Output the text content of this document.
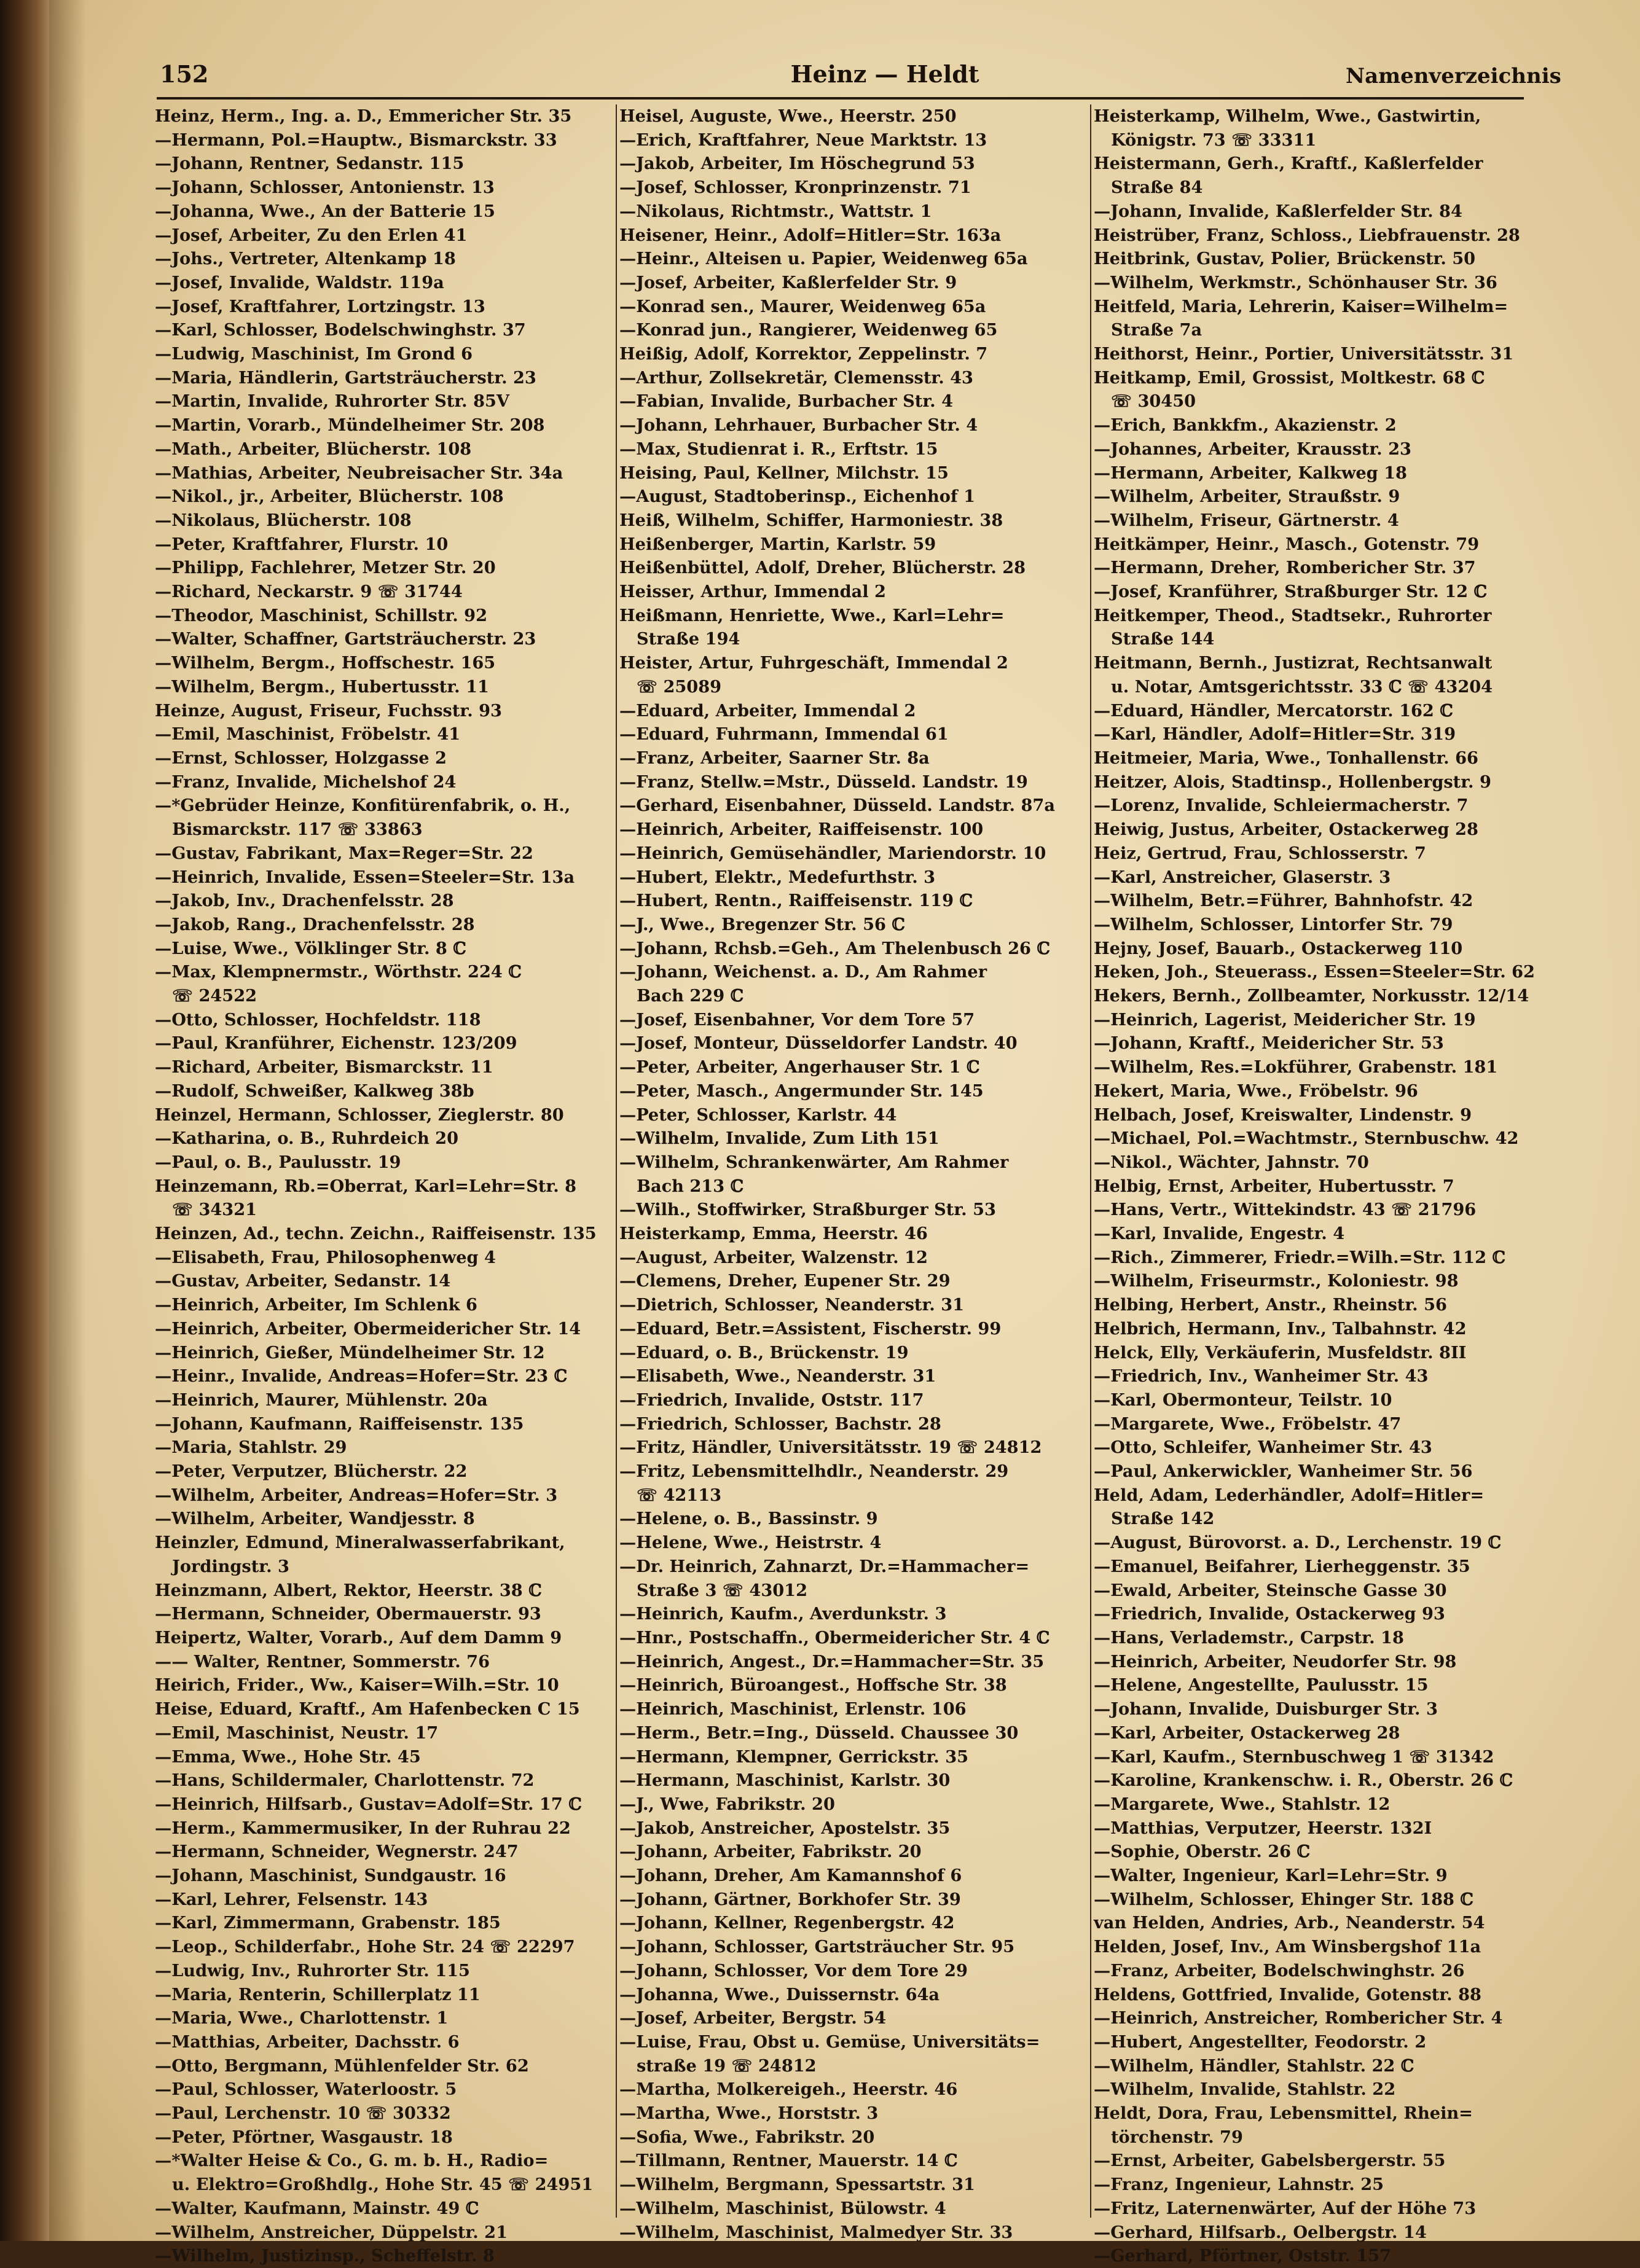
152	Heinz — Heldt	Namenverzeichnis
Heinz, Herm., Ing. a. D., Emmericher Str. 35
—Hermann, Pol.=Hauptw., Bismarckstr. 33
—Johann, Rentner, Sedanstr. 115
—Johann, Schlosser, Antonienstr. 13
—Johanna, Wwe., An der Batterie 15
—Josef, Arbeiter, Zu den Erlen 41
—Johs., Vertreter, Altenkamp 18
—Josef, Invalide, Waldstr. 119a
—Josef, Kraftfahrer, Lortzingstr. 13
—Karl, Schlosser, Bodelschwinghstr. 37
—Ludwig, Maschinist, Im Grond 6
—Maria, Händlerin, Gartsträucherstr. 23
—Martin, Invalide, Ruhrorter Str. 85V
—Martin, Vorarb., Mündelheimer Str. 208
—Math., Arbeiter, Blücherstr. 108
—Mathias, Arbeiter, Neubreisacher Str. 34a
—Nikol., jr., Arbeiter, Blücherstr. 108
—Nikolaus, Blücherstr. 108
—Peter, Kraftfahrer, Flurstr. 10
—Philipp, Fachlehrer, Metzer Str. 20
—Richard, Neckarstr. 9 ☏ 31744
—Theodor, Maschinist, Schillstr. 92
—Walter, Schaffner, Gartsträucherstr. 23
—Wilhelm, Bergm., Hoffschestr. 165
—Wilhelm, Bergm., Hubertusstr. 11
Heinze, August, Friseur, Fuchsstr. 93
—Emil, Maschinist, Fröbelstr. 41
—Ernst, Schlosser, Holzgasse 2
—Franz, Invalide, Michelshof 24
—*Gebrüder Heinze, Konfitürenfabrik, o. H.,
Bismarckstr. 117 ☏ 33863
—Gustav, Fabrikant, Max=Reger=Str. 22
—Heinrich, Invalide, Essen=Steeler=Str. 13a
—Jakob, Inv., Drachenfelsstr. 28
—Jakob, Rang., Drachenfelsstr. 28
—Luise, Wwe., Völklinger Str. 8 ℂ
—Max, Klempnermstr., Wörthstr. 224 ℂ
☏ 24522
—Otto, Schlosser, Hochfeldstr. 118
—Paul, Kranführer, Eichenstr. 123/209
—Richard, Arbeiter, Bismarckstr. 11
—Rudolf, Schweißer, Kalkweg 38b
Heinzel, Hermann, Schlosser, Zieglerstr. 80
—Katharina, o. B., Ruhrdeich 20
—Paul, o. B., Paulusstr. 19
Heinzemann, Rb.=Oberrat, Karl=Lehr=Str. 8
☏ 34321
Heinzen, Ad., techn. Zeichn., Raiffeisenstr. 135
—Elisabeth, Frau, Philosophenweg 4
—Gustav, Arbeiter, Sedanstr. 14
—Heinrich, Arbeiter, Im Schlenk 6
—Heinrich, Arbeiter, Obermeidericher Str. 14
—Heinrich, Gießer, Mündelheimer Str. 12
—Heinr., Invalide, Andreas=Hofer=Str. 23 ℂ
—Heinrich, Maurer, Mühlenstr. 20a
—Johann, Kaufmann, Raiffeisenstr. 135
—Maria, Stahlstr. 29
—Peter, Verputzer, Blücherstr. 22
—Wilhelm, Arbeiter, Andreas=Hofer=Str. 3
—Wilhelm, Arbeiter, Wandjesstr. 8
Heinzler, Edmund, Mineralwasserfabrikant,
Jordingstr. 3
Heinzmann, Albert, Rektor, Heerstr. 38 ℂ
—Hermann, Schneider, Obermauerstr. 93
Heipertz, Walter, Vorarb., Auf dem Damm 9
—— Walter, Rentner, Sommerstr. 76
Heirich, Frider., Ww., Kaiser=Wilh.=Str. 10
Heise, Eduard, Kraftf., Am Hafenbecken C 15
—Emil, Maschinist, Neustr. 17
—Emma, Wwe., Hohe Str. 45
—Hans, Schildermaler, Charlottenstr. 72
—Heinrich, Hilfsarb., Gustav=Adolf=Str. 17 ℂ
—Herm., Kammermusiker, In der Ruhrau 22
—Hermann, Schneider, Wegnerstr. 247
—Johann, Maschinist, Sundgaustr. 16
—Karl, Lehrer, Felsenstr. 143
—Karl, Zimmermann, Grabenstr. 185
—Leop., Schilderfabr., Hohe Str. 24 ☏ 22297
—Ludwig, Inv., Ruhrorter Str. 115
—Maria, Renterin, Schillerplatz 11
—Maria, Wwe., Charlottenstr. 1
—Matthias, Arbeiter, Dachsstr. 6
—Otto, Bergmann, Mühlenfelder Str. 62
—Paul, Schlosser, Waterloostr. 5
—Paul, Lerchenstr. 10 ☏ 30332
—Peter, Pförtner, Wasgaustr. 18
—*Walter Heise & Co., G. m. b. H., Radio=
u. Elektro=Großhdlg., Hohe Str. 45 ☏ 24951
—Walter, Kaufmann, Mainstr. 49 ℂ
—Wilhelm, Anstreicher, Düppelstr. 21
—Wilhelm, Justizinsp., Scheffelstr. 8
Heisel, Auguste, Wwe., Heerstr. 250
—Erich, Kraftfahrer, Neue Marktstr. 13
—Jakob, Arbeiter, Im Höschegrund 53
—Josef, Schlosser, Kronprinzenstr. 71
—Nikolaus, Richtmstr., Wattstr. 1
Heisener, Heinr., Adolf=Hitler=Str. 163a
—Heinr., Alteisen u. Papier, Weidenweg 65a
—Josef, Arbeiter, Kaßlerfelder Str. 9
—Konrad sen., Maurer, Weidenweg 65a
—Konrad jun., Rangierer, Weidenweg 65
Heißig, Adolf, Korrektor, Zeppelinstr. 7
—Arthur, Zollsekretär, Clemensstr. 43
—Fabian, Invalide, Burbacher Str. 4
—Johann, Lehrhauer, Burbacher Str. 4
—Max, Studienrat i. R., Erftstr. 15
Heising, Paul, Kellner, Milchstr. 15
—August, Stadtoberinsp., Eichenhof 1
Heiß, Wilhelm, Schiffer, Harmoniestr. 38
Heißenberger, Martin, Karlstr. 59
Heißenbüttel, Adolf, Dreher, Blücherstr. 28
Heisser, Arthur, Immendal 2
Heißmann, Henriette, Wwe., Karl=Lehr=
Straße 194
Heister, Artur, Fuhrgeschäft, Immendal 2
☏ 25089
—Eduard, Arbeiter, Immendal 2
—Eduard, Fuhrmann, Immendal 61
—Franz, Arbeiter, Saarner Str. 8a
—Franz, Stellw.=Mstr., Düsseld. Landstr. 19
—Gerhard, Eisenbahner, Düsseld. Landstr. 87a
—Heinrich, Arbeiter, Raiffeisenstr. 100
—Heinrich, Gemüsehändler, Mariendorstr. 10
—Hubert, Elektr., Medefurthstr. 3
—Hubert, Rentn., Raiffeisenstr. 119 ℂ
—J., Wwe., Bregenzer Str. 56 ℂ
—Johann, Rchsb.=Geh., Am Thelenbusch 26 ℂ
—Johann, Weichenst. a. D., Am Rahmer
Bach 229 ℂ
—Josef, Eisenbahner, Vor dem Tore 57
—Josef, Monteur, Düsseldorfer Landstr. 40
—Peter, Arbeiter, Angerhauser Str. 1 ℂ
—Peter, Masch., Angermunder Str. 145
—Peter, Schlosser, Karlstr. 44
—Wilhelm, Invalide, Zum Lith 151
—Wilhelm, Schrankenwärter, Am Rahmer
Bach 213 ℂ
—Wilh., Stoffwirker, Straßburger Str. 53
Heisterkamp, Emma, Heerstr. 46
—August, Arbeiter, Walzenstr. 12
—Clemens, Dreher, Eupener Str. 29
—Dietrich, Schlosser, Neanderstr. 31
—Eduard, Betr.=Assistent, Fischerstr. 99
—Eduard, o. B., Brückenstr. 19
—Elisabeth, Wwe., Neanderstr. 31
—Friedrich, Invalide, Oststr. 117
—Friedrich, Schlosser, Bachstr. 28
—Fritz, Händler, Universitätsstr. 19 ☏ 24812
—Fritz, Lebensmittelhdlr., Neanderstr. 29
☏ 42113
—Helene, o. B., Bassinstr. 9
—Helene, Wwe., Heistrstr. 4
—Dr. Heinrich, Zahnarzt, Dr.=Hammacher=
Straße 3 ☏ 43012
—Heinrich, Kaufm., Averdunkstr. 3
—Hnr., Postschaffn., Obermeidericher Str. 4 ℂ
—Heinrich, Angest., Dr.=Hammacher=Str. 35
—Heinrich, Büroangest., Hoffsche Str. 38
—Heinrich, Maschinist, Erlenstr. 106
—Herm., Betr.=Ing., Düsseld. Chaussee 30
—Hermann, Klempner, Gerrickstr. 35
—Hermann, Maschinist, Karlstr. 30
—J., Wwe, Fabrikstr. 20
—Jakob, Anstreicher, Apostelstr. 35
—Johann, Arbeiter, Fabrikstr. 20
—Johann, Dreher, Am Kamannshof 6
—Johann, Gärtner, Borkhofer Str. 39
—Johann, Kellner, Regenbergstr. 42
—Johann, Schlosser, Gartsträucher Str. 95
—Johann, Schlosser, Vor dem Tore 29
—Johanna, Wwe., Duissernstr. 64a
—Josef, Arbeiter, Bergstr. 54
—Luise, Frau, Obst u. Gemüse, Universitäts=
straße 19 ☏ 24812
—Martha, Molkereigeh., Heerstr. 46
—Martha, Wwe., Horststr. 3
—Sofia, Wwe., Fabrikstr. 20
—Tillmann, Rentner, Mauerstr. 14 ℂ
—Wilhelm, Bergmann, Spessartstr. 31
—Wilhelm, Maschinist, Bülowstr. 4
—Wilhelm, Maschinist, Malmedyer Str. 33
Heisterkamp, Wilhelm, Wwe., Gastwirtin,
Königstr. 73 ☏ 33311
Heistermann, Gerh., Kraftf., Kaßlerfelder
Straße 84
—Johann, Invalide, Kaßlerfelder Str. 84
Heistrüber, Franz, Schloss., Liebfrauenstr. 28
Heitbrink, Gustav, Polier, Brückenstr. 50
—Wilhelm, Werkmstr., Schönhauser Str. 36
Heitfeld, Maria, Lehrerin, Kaiser=Wilhelm=
Straße 7a
Heithorst, Heinr., Portier, Universitätsstr. 31
Heitkamp, Emil, Grossist, Moltkestr. 68 ℂ
☏ 30450
—Erich, Bankkfm., Akazienstr. 2
—Johannes, Arbeiter, Krausstr. 23
—Hermann, Arbeiter, Kalkweg 18
—Wilhelm, Arbeiter, Straußstr. 9
—Wilhelm, Friseur, Gärtnerstr. 4
Heitkämper, Heinr., Masch., Gotenstr. 79
—Hermann, Dreher, Rombericher Str. 37
—Josef, Kranführer, Straßburger Str. 12 ℂ
Heitkemper, Theod., Stadtsekr., Ruhrorter
Straße 144
Heitmann, Bernh., Justizrat, Rechtsanwalt
u. Notar, Amtsgerichtsstr. 33 ℂ ☏ 43204
—Eduard, Händler, Mercatorstr. 162 ℂ
—Karl, Händler, Adolf=Hitler=Str. 319
Heitmeier, Maria, Wwe., Tonhallenstr. 66
Heitzer, Alois, Stadtinsp., Hollenbergstr. 9
—Lorenz, Invalide, Schleiermacherstr. 7
Heiwig, Justus, Arbeiter, Ostackerweg 28
Heiz, Gertrud, Frau, Schlosserstr. 7
—Karl, Anstreicher, Glaserstr. 3
—Wilhelm, Betr.=Führer, Bahnhofstr. 42
—Wilhelm, Schlosser, Lintorfer Str. 79
Hejny, Josef, Bauarb., Ostackerweg 110
Heken, Joh., Steuerass., Essen=Steeler=Str. 62
Hekers, Bernh., Zollbeamter, Norkusstr. 12/14
—Heinrich, Lagerist, Meidericher Str. 19
—Johann, Kraftf., Meidericher Str. 53
—Wilhelm, Res.=Lokführer, Grabenstr. 181
Hekert, Maria, Wwe., Fröbelstr. 96
Helbach, Josef, Kreiswalter, Lindenstr. 9
—Michael, Pol.=Wachtmstr., Sternbuschw. 42
—Nikol., Wächter, Jahnstr. 70
Helbig, Ernst, Arbeiter, Hubertusstr. 7
—Hans, Vertr., Wittekindstr. 43 ☏ 21796
—Karl, Invalide, Engestr. 4
—Rich., Zimmerer, Friedr.=Wilh.=Str. 112 ℂ
—Wilhelm, Friseurmstr., Koloniestr. 98
Helbing, Herbert, Anstr., Rheinstr. 56
Helbrich, Hermann, Inv., Talbahnstr. 42
Helck, Elly, Verkäuferin, Musfeldstr. 8II
—Friedrich, Inv., Wanheimer Str. 43
—Karl, Obermonteur, Teilstr. 10
—Margarete, Wwe., Fröbelstr. 47
—Otto, Schleifer, Wanheimer Str. 43
—Paul, Ankerwickler, Wanheimer Str. 56
Held, Adam, Lederhändler, Adolf=Hitler=
Straße 142
—August, Bürovorst. a. D., Lerchenstr. 19 ℂ
—Emanuel, Beifahrer, Lierheggenstr. 35
—Ewald, Arbeiter, Steinsche Gasse 30
—Friedrich, Invalide, Ostackerweg 93
—Hans, Verlademstr., Carpstr. 18
—Heinrich, Arbeiter, Neudorfer Str. 98
—Helene, Angestellte, Paulusstr. 15
—Johann, Invalide, Duisburger Str. 3
—Karl, Arbeiter, Ostackerweg 28
—Karl, Kaufm., Sternbuschweg 1 ☏ 31342
—Karoline, Krankenschw. i. R., Oberstr. 26 ℂ
—Margarete, Wwe., Stahlstr. 12
—Matthias, Verputzer, Heerstr. 132I
—Sophie, Oberstr. 26 ℂ
—Walter, Ingenieur, Karl=Lehr=Str. 9
—Wilhelm, Schlosser, Ehinger Str. 188 ℂ
van Helden, Andries, Arb., Neanderstr. 54
Helden, Josef, Inv., Am Winsbergshof 11a
—Franz, Arbeiter, Bodelschwinghstr. 26
Heldens, Gottfried, Invalide, Gotenstr. 88
—Heinrich, Anstreicher, Rombericher Str. 4
—Hubert, Angestellter, Feodorstr. 2
—Wilhelm, Händler, Stahlstr. 22 ℂ
—Wilhelm, Invalide, Stahlstr. 22
Heldt, Dora, Frau, Lebensmittel, Rhein=
törchenstr. 79
—Ernst, Arbeiter, Gabelsbergerstr. 55
—Franz, Ingenieur, Lahnstr. 25
—Fritz, Laternenwärter, Auf der Höhe 73
—Gerhard, Hilfsarb., Oelbergstr. 14
—Gerhard, Pförtner, Oststr. 157
